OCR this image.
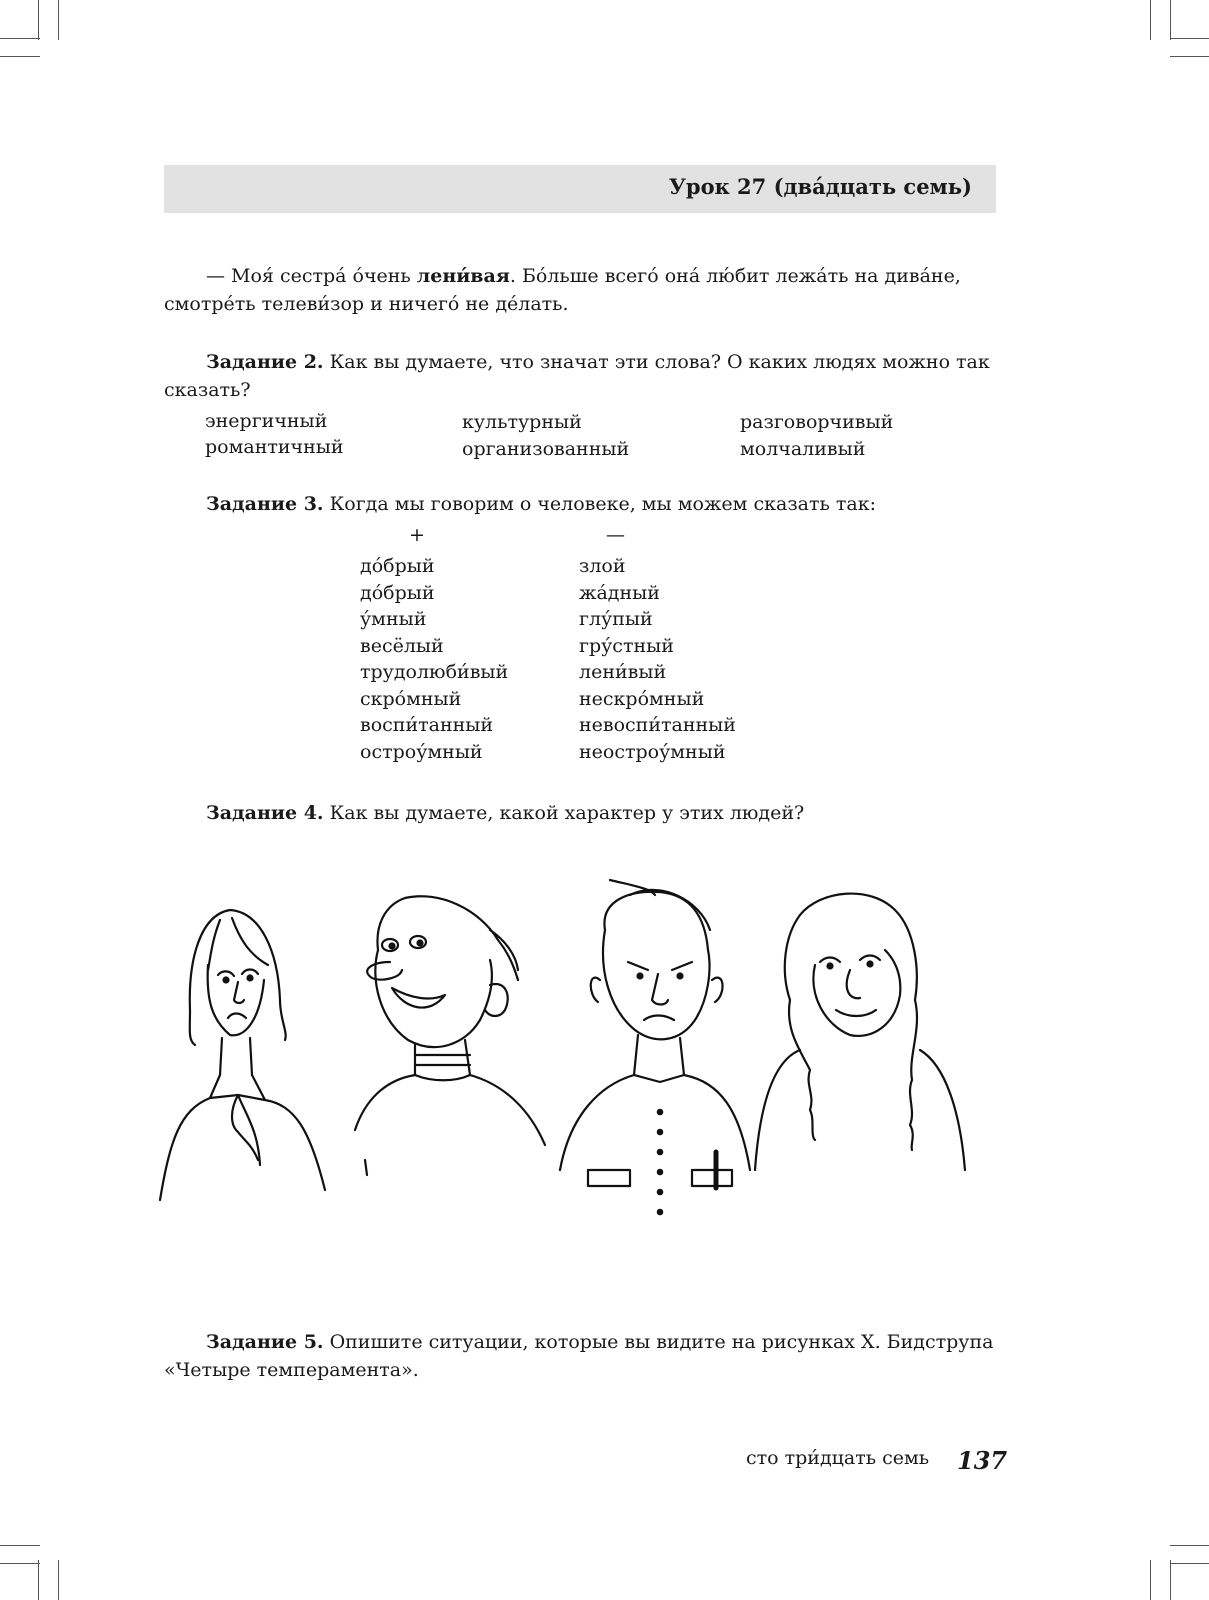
Урок 27 (два́дцать семь)
— Моя́ сестра́ о́чень лени́вая. Бо́льше всего́ она́ лю́бит лежа́ть на дива́не,
смотре́ть телеви́зор и ничего́ не де́лать.
Задание 2. Как вы думаете, что значат эти слова? О каких людях можно так
сказать?
энергичный	культурный	разговорчивый
романтичный	организованный	молчаливый
Задание 3. Когда мы говорим о человеке, мы можем сказать так:
+	—
до́брый	злой
до́брый	жа́дный
у́мный	глу́пый
весёлый	гру́стный
трудолюби́вый	лени́вый
скро́мный	нескро́мный
воспи́танный	невоспи́танный
остроу́мный	неостроу́мный
Задание 4. Как вы думаете, какой характер у этих людей?
Задание 5. Опишите ситуации, которые вы видите на рисунках Х. Бидструпа
«Четыре темперамента».
сто три́дцать семь 137
